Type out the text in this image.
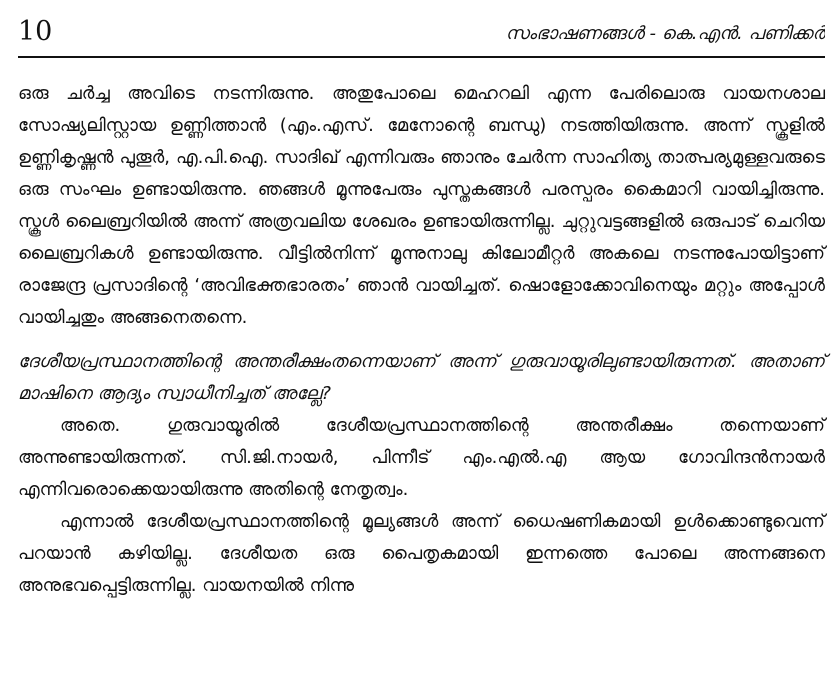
10	സംഭാഷണങ്ങൾ - കെ.എൻ. പണിക്കർ

ഒരു ചർച്ച അവിടെ നടന്നിരുന്നു. അതുപോലെ മെഹറലി എന്ന പേരിലൊരു വായനശാല സോഷ്യലിസ്റ്റായ ഉണ്ണിത്താൻ (എം.എസ്. മേനോന്റെ ബന്ധു) നടത്തിയിരുന്നു. അന്ന് സ്കൂളിൽ ഉണ്ണികൃഷ്ണൻ പുതൂർ, എ.പി.ഐ. സാദിഖ് എന്നിവരും ഞാനും ചേർന്ന സാഹിത്യ താത്പര്യമുള്ളവരുടെ ഒരു സംഘം ഉണ്ടായിരുന്നു. ഞങ്ങൾ മൂന്നുപേരും പുസ്തകങ്ങൾ പരസ്പരം കൈമാറി വായിച്ചിരുന്നു. സ്കൂൾ ലൈബ്രറിയിൽ അന്ന് അത്രവലിയ ശേഖരം ഉണ്ടായിരുന്നില്ല. ചുറ്റുവട്ടങ്ങളിൽ ഒരുപാട് ചെറിയ ലൈബ്രറികൾ ഉണ്ടായിരുന്നു. വീട്ടിൽനിന്ന് മൂന്നുനാലു കിലോമീറ്റർ അകലെ നടന്നുപോയിട്ടാണ് രാജേന്ദ്ര പ്രസാദിന്റെ ‘അവിഭക്തഭാരതം’ ഞാൻ വായിച്ചത്. ഷൊളോക്കോവിനെയും മറ്റും അപ്പോൾ വായിച്ചതും അങ്ങനെതന്നെ.

ദേശീയപ്രസ്ഥാനത്തിന്റെ അന്തരീക്ഷംതന്നെയാണ് അന്ന് ഗുരുവായൂരിലുണ്ടായിരുന്നത്. അതാണ് മാഷിനെ ആദ്യം സ്വാധീനിച്ചത് അല്ലേ?

അതെ. ഗുരുവായൂരിൽ ദേശീയപ്രസ്ഥാനത്തിന്റെ അന്തരീക്ഷം തന്നെയാണ് അന്നുണ്ടായിരുന്നത്. സി.ജി.നായർ, പിന്നീട് എം.എൽ.എ ആയ ഗോവിന്ദൻനായർ എന്നിവരൊക്കെയായിരുന്നു അതിന്റെ നേതൃത്വം.

എന്നാൽ ദേശീയപ്രസ്ഥാനത്തിന്റെ മൂല്യങ്ങൾ അന്ന് ധൈഷണികമായി ഉൾക്കൊണ്ടുവെന്ന് പറയാൻ കഴിയില്ല. ദേശീയത ഒരു പൈതൃകമായി ഇന്നത്തെ പോലെ അന്നങ്ങനെ അനുഭവപ്പെട്ടിരുന്നില്ല. വായനയിൽ നിന്നു
